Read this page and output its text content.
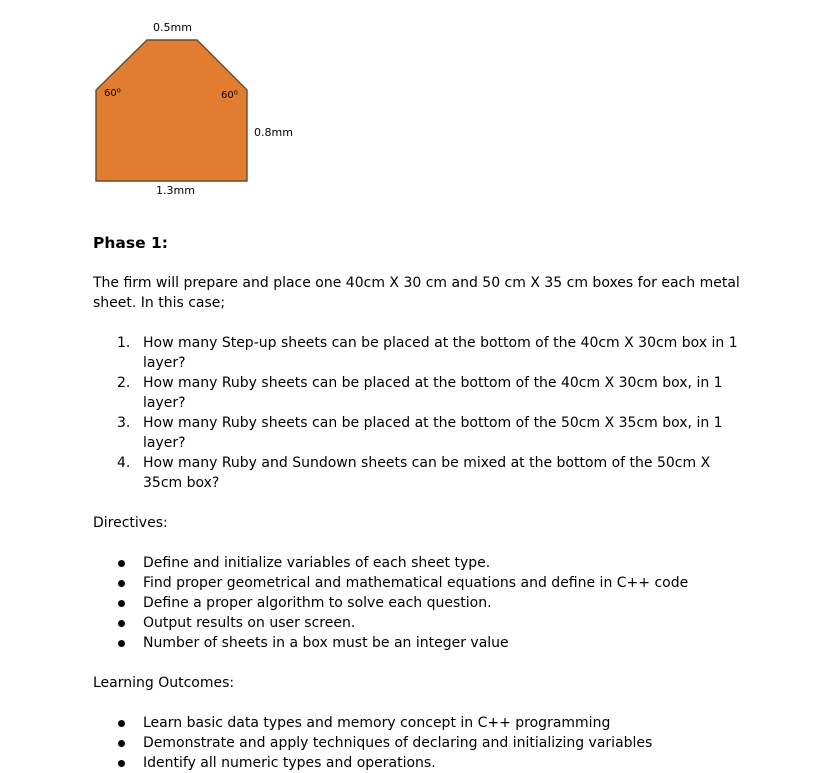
0.5mm
60⁰	60⁰
0.8mm
1.3mm

Phase 1:

The firm will prepare and place one 40cm X 30 cm and 50 cm X 35 cm boxes for each metal sheet. In this case;

1. How many Step-up sheets can be placed at the bottom of the 40cm X 30cm box in 1 layer?
2. How many Ruby sheets can be placed at the bottom of the 40cm X 30cm box, in 1 layer?
3. How many Ruby sheets can be placed at the bottom of the 50cm X 35cm box, in 1 layer?
4. How many Ruby and Sundown sheets can be mixed at the bottom of the 50cm X 35cm box?

Directives:

Define and initialize variables of each sheet type.
Find proper geometrical and mathematical equations and define in C++ code
Define a proper algorithm to solve each question.
Output results on user screen.
Number of sheets in a box must be an integer value

Learning Outcomes:

Learn basic data types and memory concept in C++ programming
Demonstrate and apply techniques of declaring and initializing variables
Identify all numeric types and operations.
